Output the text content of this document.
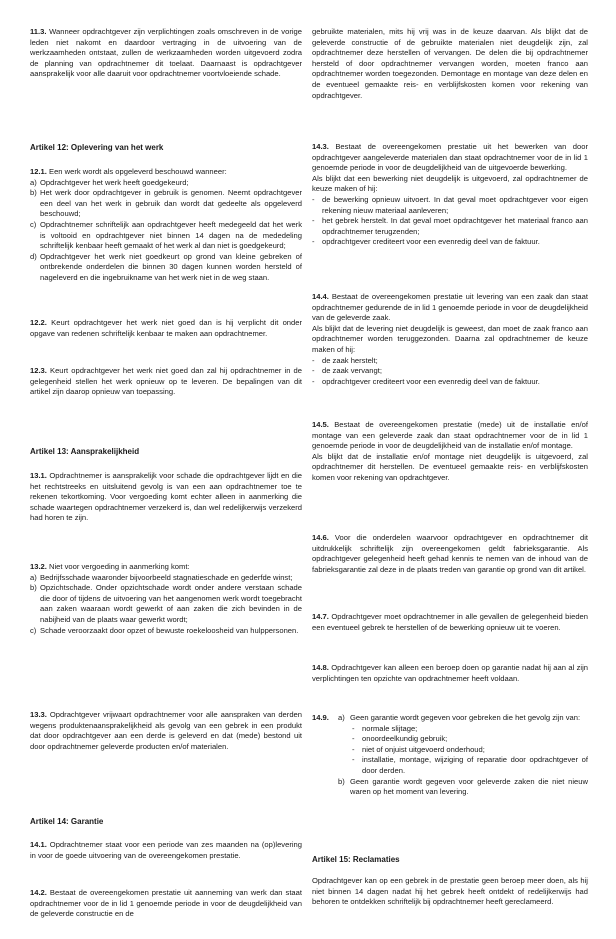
11.3. Wanneer opdrachtgever zijn verplichtingen zoals omschreven in de vorige leden niet nakomt en daardoor vertraging in de uitvoering van de werkzaamheden ontstaat, zullen de werkzaamheden worden uitgevoerd zodra de planning van opdrachtnemer dit toelaat. Daarnaast is opdrachtgever aansprakelijk voor alle daaruit voor opdrachtnemer voortvloeiende schade.
Artikel 12: Oplevering van het werk
12.1. Een werk wordt als opgeleverd beschouwd wanneer:
a) Opdrachtgever het werk heeft goedgekeurd;
b) Het werk door opdrachtgever in gebruik is genomen. Neemt opdrachtgever een deel van het werk in gebruik dan wordt dat gedeelte als opgeleverd beschouwd;
c) Opdrachtnemer schriftelijk aan opdrachtgever heeft medegeeld dat het werk is voltooid en opdrachtgever niet binnen 14 dagen na de mededeling schriftelijk kenbaar heeft gemaakt of het werk al dan niet is goedgekeurd;
d) Opdrachtgever het werk niet goedkeurt op grond van kleine gebreken of ontbrekende onderdelen die binnen 30 dagen kunnen worden hersteld of nageleverd en die ingebruikname van het werk niet in de weg staan.
12.2. Keurt opdrachtgever het werk niet goed dan is hij verplicht dit onder opgave van redenen schriftelijk kenbaar te maken aan opdrachtnemer.
12.3. Keurt opdrachtgever het werk niet goed dan zal hij opdrachtnemer in de gelegenheid stellen het werk opnieuw op te leveren. De bepalingen van dit artikel zijn daarop opnieuw van toepassing.
Artikel 13: Aansprakelijkheid
13.1. Opdrachtnemer is aansprakelijk voor schade die opdrachtgever lijdt en die het rechtstreeks en uitsluitend gevolg is van een aan opdrachtnemer toe te rekenen tekortkoming. Voor vergoeding komt echter alleen in aanmerking die schade waartegen opdrachtnemer verzekerd is, dan wel redelijkerwijs verzekerd had horen te zijn.
13.2. Niet voor vergoeding in aanmerking komt:
a) Bedrijfsschade waaronder bijvoorbeeld stagnatieschade en gederfde winst;
b) Opzichtschade. Onder opzichtschade wordt onder andere verstaan schade die door of tijdens de uitvoering van het aangenomen werk wordt toegebracht aan zaken waaraan wordt gewerkt of aan zaken die zich bevinden in de nabijheid van de plaats waar gewerkt wordt;
c) Schade veroorzaakt door opzet of bewuste roekeloosheid van hulppersonen.
13.3. Opdrachtgever vrijwaart opdrachtnemer voor alle aanspraken van derden wegens produktenaansprakelijkheid als gevolg van een gebrek in een produkt dat door opdrachtgever aan een derde is geleverd en dat (mede) bestond uit door opdrachtnemer geleverde producten en/of materialen.
Artikel 14: Garantie
14.1. Opdrachtnemer staat voor een periode van zes maanden na (op)levering in voor de goede uitvoering van de overeengekomen prestatie.
14.2. Bestaat de overeengekomen prestatie uit aanneming van werk dan staat opdrachtnemer voor de in lid 1 genoemde periode in voor de deugdelijkheid van de geleverde constructie en de
gebruikte materialen, mits hij vrij was in de keuze daarvan. Als blijkt dat de geleverde constructie of de gebruikte materialen niet deugdelijk zijn, zal opdrachtnemer deze herstellen of vervangen. De delen die bij opdrachtnemer hersteld of door opdrachtnemer vervangen worden, moeten franco aan opdrachtnemer worden toegezonden. Demontage en montage van deze delen en de eventueel gemaakte reis- en verblijfskosten komen voor rekening van opdrachtgever.
14.3. Bestaat de overeengekomen prestatie uit het bewerken van door opdrachtgever aangeleverde materialen dan staat opdrachtnemer voor de in lid 1 genoemde periode in voor de deugdelijkheid van de uitgevoerde bewerking.
Als blijkt dat een bewerking niet deugdelijk is uitgevoerd, zal opdrachtnemer de keuze maken of hij:
- de bewerking opnieuw uitvoert. In dat geval moet opdrachtgever voor eigen rekening nieuw materiaal aanleveren;
- het gebrek herstelt. In dat geval moet opdrachtgever het materiaal franco aan opdrachtnemer terugzenden;
- opdrachtgever crediteert voor een evenredig deel van de faktuur.
14.4. Bestaat de overeengekomen prestatie uit levering van een zaak dan staat opdrachtnemer gedurende de in lid 1 genoemde periode in voor de deugdelijkheid van de geleverde zaak.
Als blijkt dat de levering niet deugdelijk is geweest, dan moet de zaak franco aan opdrachtnemer worden teruggezonden. Daarna zal opdrachtnemer de keuze maken of hij:
- de zaak herstelt;
- de zaak vervangt;
- opdrachtgever crediteert voor een evenredig deel van de faktuur.
14.5. Bestaat de overeengekomen prestatie (mede) uit de installatie en/of montage van een geleverde zaak dan staat opdrachtnemer voor de in lid 1 genoemde periode in voor de deugdelijkheid van de installatie en/of montage.
Als blijkt dat de installatie en/of montage niet deugdelijk is uitgevoerd, zal opdrachtnemer dit herstellen. De eventueel gemaakte reis- en verblijfskosten komen voor rekening van opdrachtgever.
14.6. Voor die onderdelen waarvoor opdrachtgever en opdrachtnemer dit uitdrukkelijk schriftelijk zijn overeengekomen geldt fabrieksgarantie. Als opdrachtgever gelegenheid heeft gehad kennis te nemen van de inhoud van de fabrieksgarantie zal deze in de plaats treden van garantie op grond van dit artikel.
14.7. Opdrachtgever moet opdrachtnemer in alle gevallen de gelegenheid bieden een eventueel gebrek te herstellen of de bewerking opnieuw uit te voeren.
14.8. Opdrachtgever kan alleen een beroep doen op garantie nadat hij aan al zijn verplichtingen ten opzichte van opdrachtnemer heeft voldaan.
14.9.	a) Geen garantie wordt gegeven voor gebreken die het gevolg zijn van:
- normale slijtage;
- onoordeelkundig gebruik;
- niet of onjuist uitgevoerd onderhoud;
- installatie, montage, wijziging of reparatie door opdrachtgever of door derden.
b) Geen garantie wordt gegeven voor geleverde zaken die niet nieuw waren op het moment van levering.
Artikel 15: Reclamaties
Opdrachtgever kan op een gebrek in de prestatie geen beroep meer doen, als hij niet binnen 14 dagen nadat hij het gebrek heeft ontdekt of redelijkerwijs had behoren te ontdekken schriftelijk bij opdrachtnemer heeft gereclameerd.
